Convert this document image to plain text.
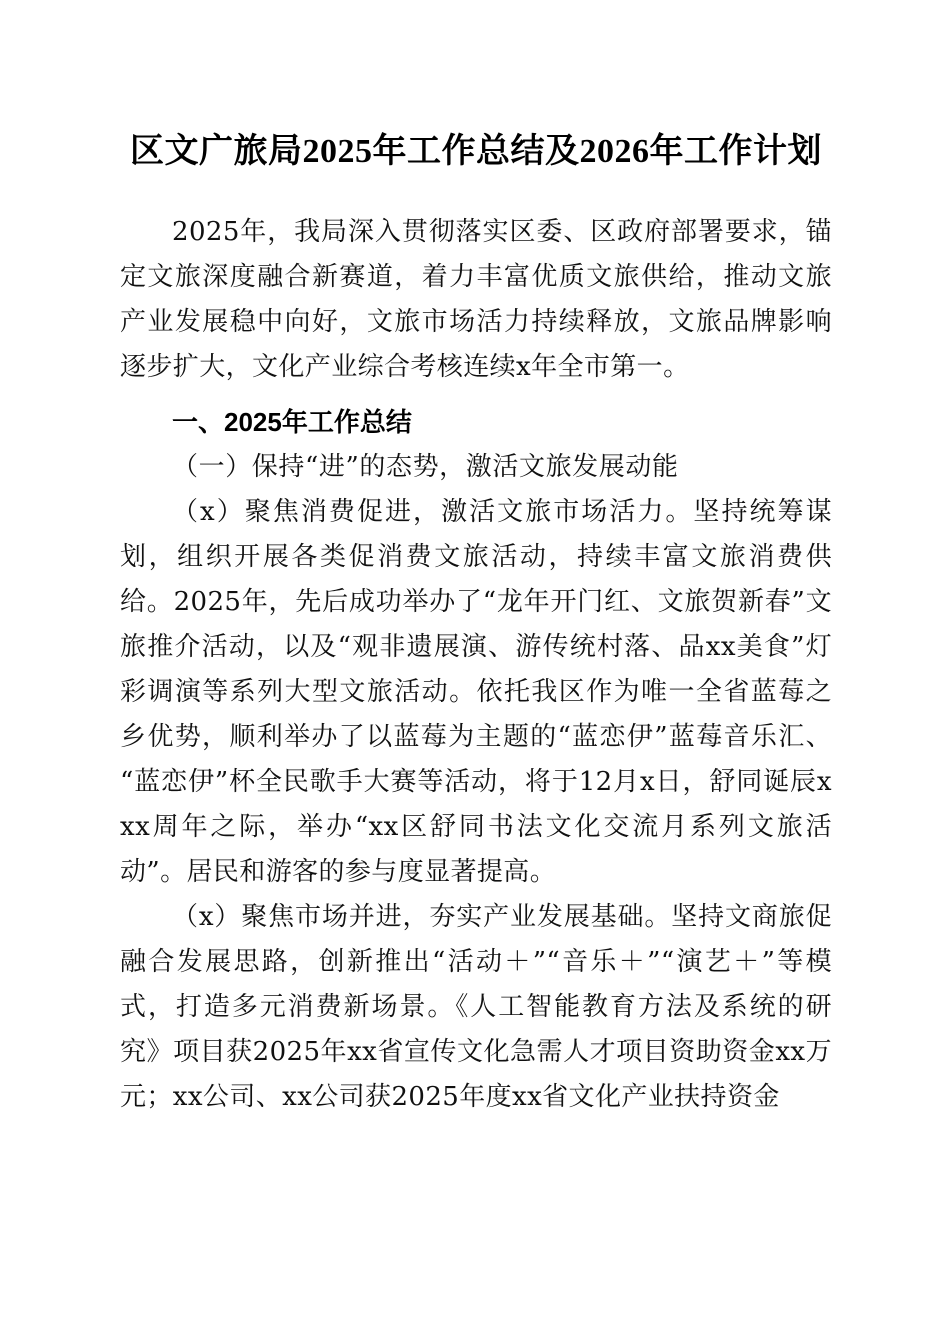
区文广旅局2025年工作总结及2026年工作计划

2025年，我局深入贯彻落实区委、区政府部署要求，锚定文旅深度融合新赛道，着力丰富优质文旅供给，推动文旅产业发展稳中向好，文旅市场活力持续释放，文旅品牌影响逐步扩大，文化产业综合考核连续x年全市第一。

一、2025年工作总结
（一）保持“进”的态势，激活文旅发展动能

（x）聚焦消费促进，激活文旅市场活力。坚持统筹谋划，组织开展各类促消费文旅活动，持续丰富文旅消费供给。2025年，先后成功举办了“龙年开门红、文旅贺新春”文旅推介活动，以及“观非遗展演、游传统村落、品xx美食”灯彩调演等系列大型文旅活动。依托我区作为唯一全省蓝莓之乡优势，顺利举办了以蓝莓为主题的“蓝恋伊”蓝莓音乐汇、“蓝恋伊”杯全民歌手大赛等活动，将于12月x日，舒同诞辰xxx周年之际，举办“xx区舒同书法文化交流月系列文旅活动”。居民和游客的参与度显著提高。

（x）聚焦市场并进，夯实产业发展基础。坚持文商旅促融合发展思路，创新推出“活动＋”“音乐＋”“演艺＋”等模式，打造多元消费新场景。《人工智能教育方法及系统的研究》项目获2025年xx省宣传文化急需人才项目资助资金xx万元；xx公司、xx公司获2025年度xx省文化产业扶持资金
